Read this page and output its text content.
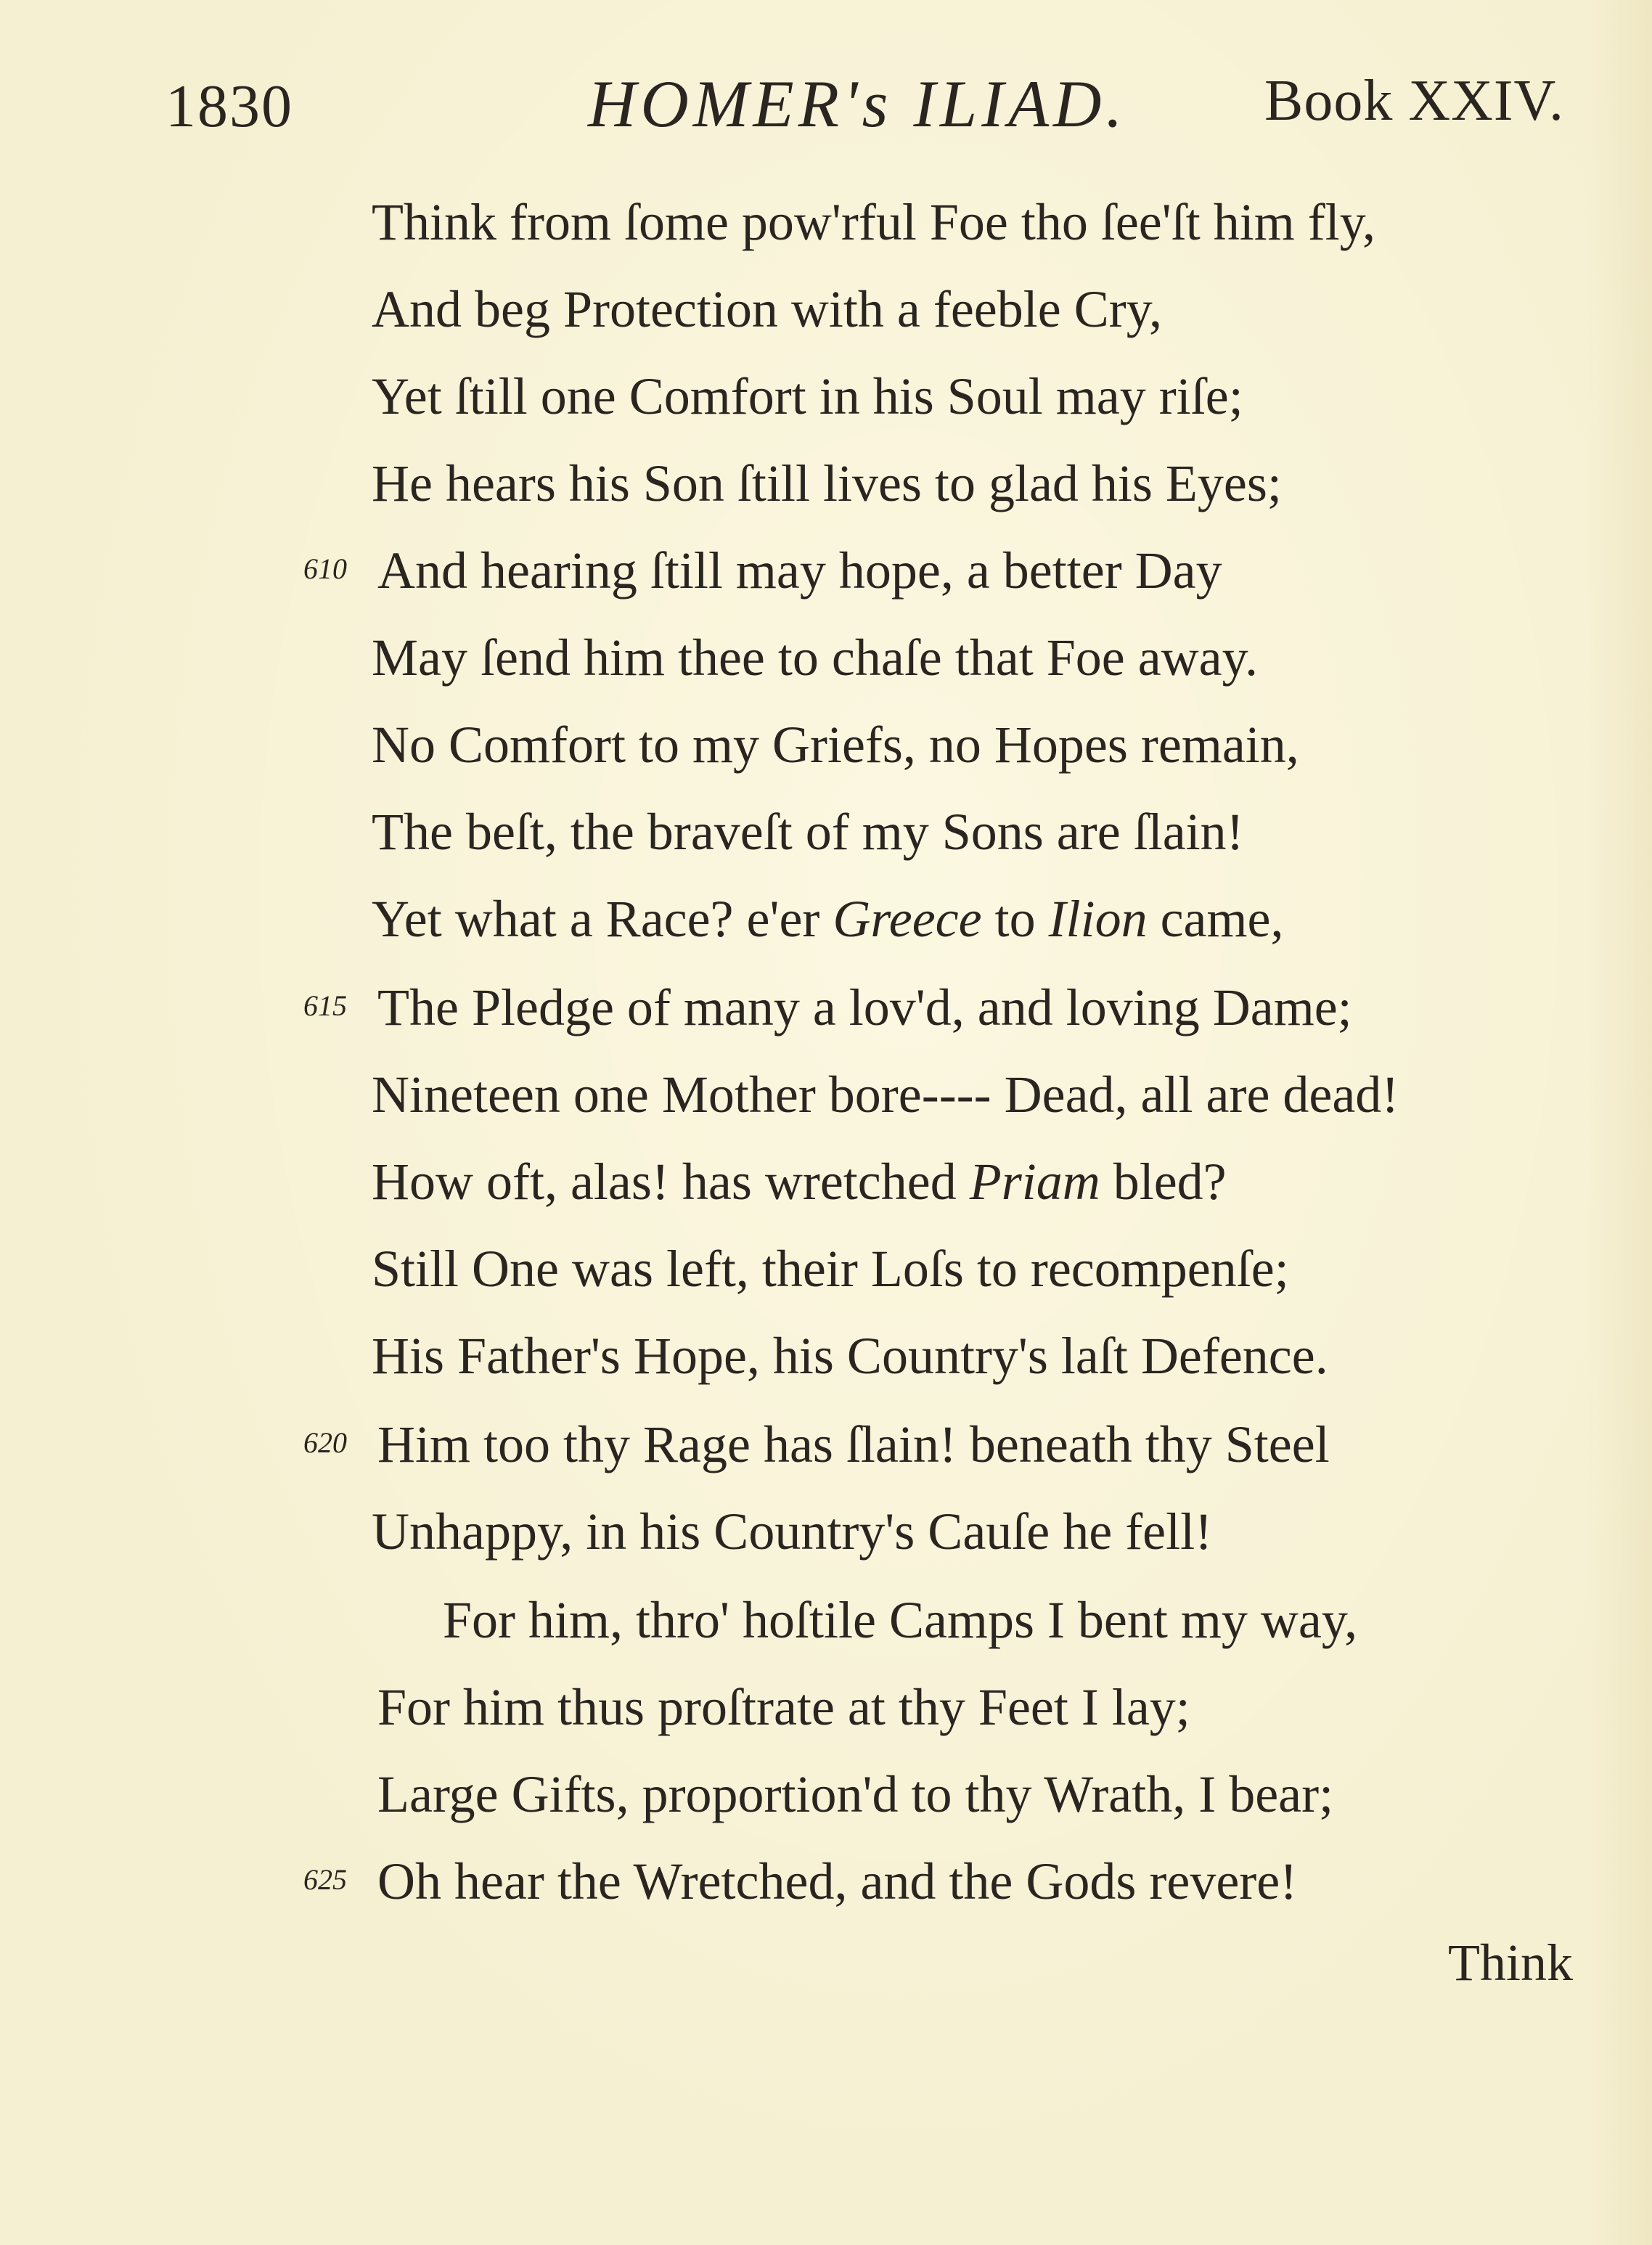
1830	HOMER's ILIAD. Book XXIV.
Think from ſome pow'rful Foe tho ſee'ſt him fly,
And beg Protection with a feeble Cry,
Yet ſtill one Comfort in his Soul may riſe;
He hears his Son ſtill lives to glad his Eyes;
610 And hearing ſtill may hope, a better Day
May ſend him thee to chaſe that Foe away.
No Comfort to my Griefs, no Hopes remain,
The beſt, the braveſt of my Sons are ſlain!
Yet what a Race? e'er Greece to Ilion came,
615 The Pledge of many a lov'd, and loving Dame;
Nineteen one Mother bore---- Dead, all are dead!
How oft, alas! has wretched Priam bled?
Still One was left, their Loſs to recompenſe;
His Father's Hope, his Country's laſt Defence.
620 Him too thy Rage has ſlain! beneath thy Steel
Unhappy, in his Country's Cauſe he fell!
For him, thro' hoſtile Camps I bent my way,
For him thus proſtrate at thy Feet I lay;
Large Gifts, proportion'd to thy Wrath, I bear;
625 Oh hear the Wretched, and the Gods revere!
Think
